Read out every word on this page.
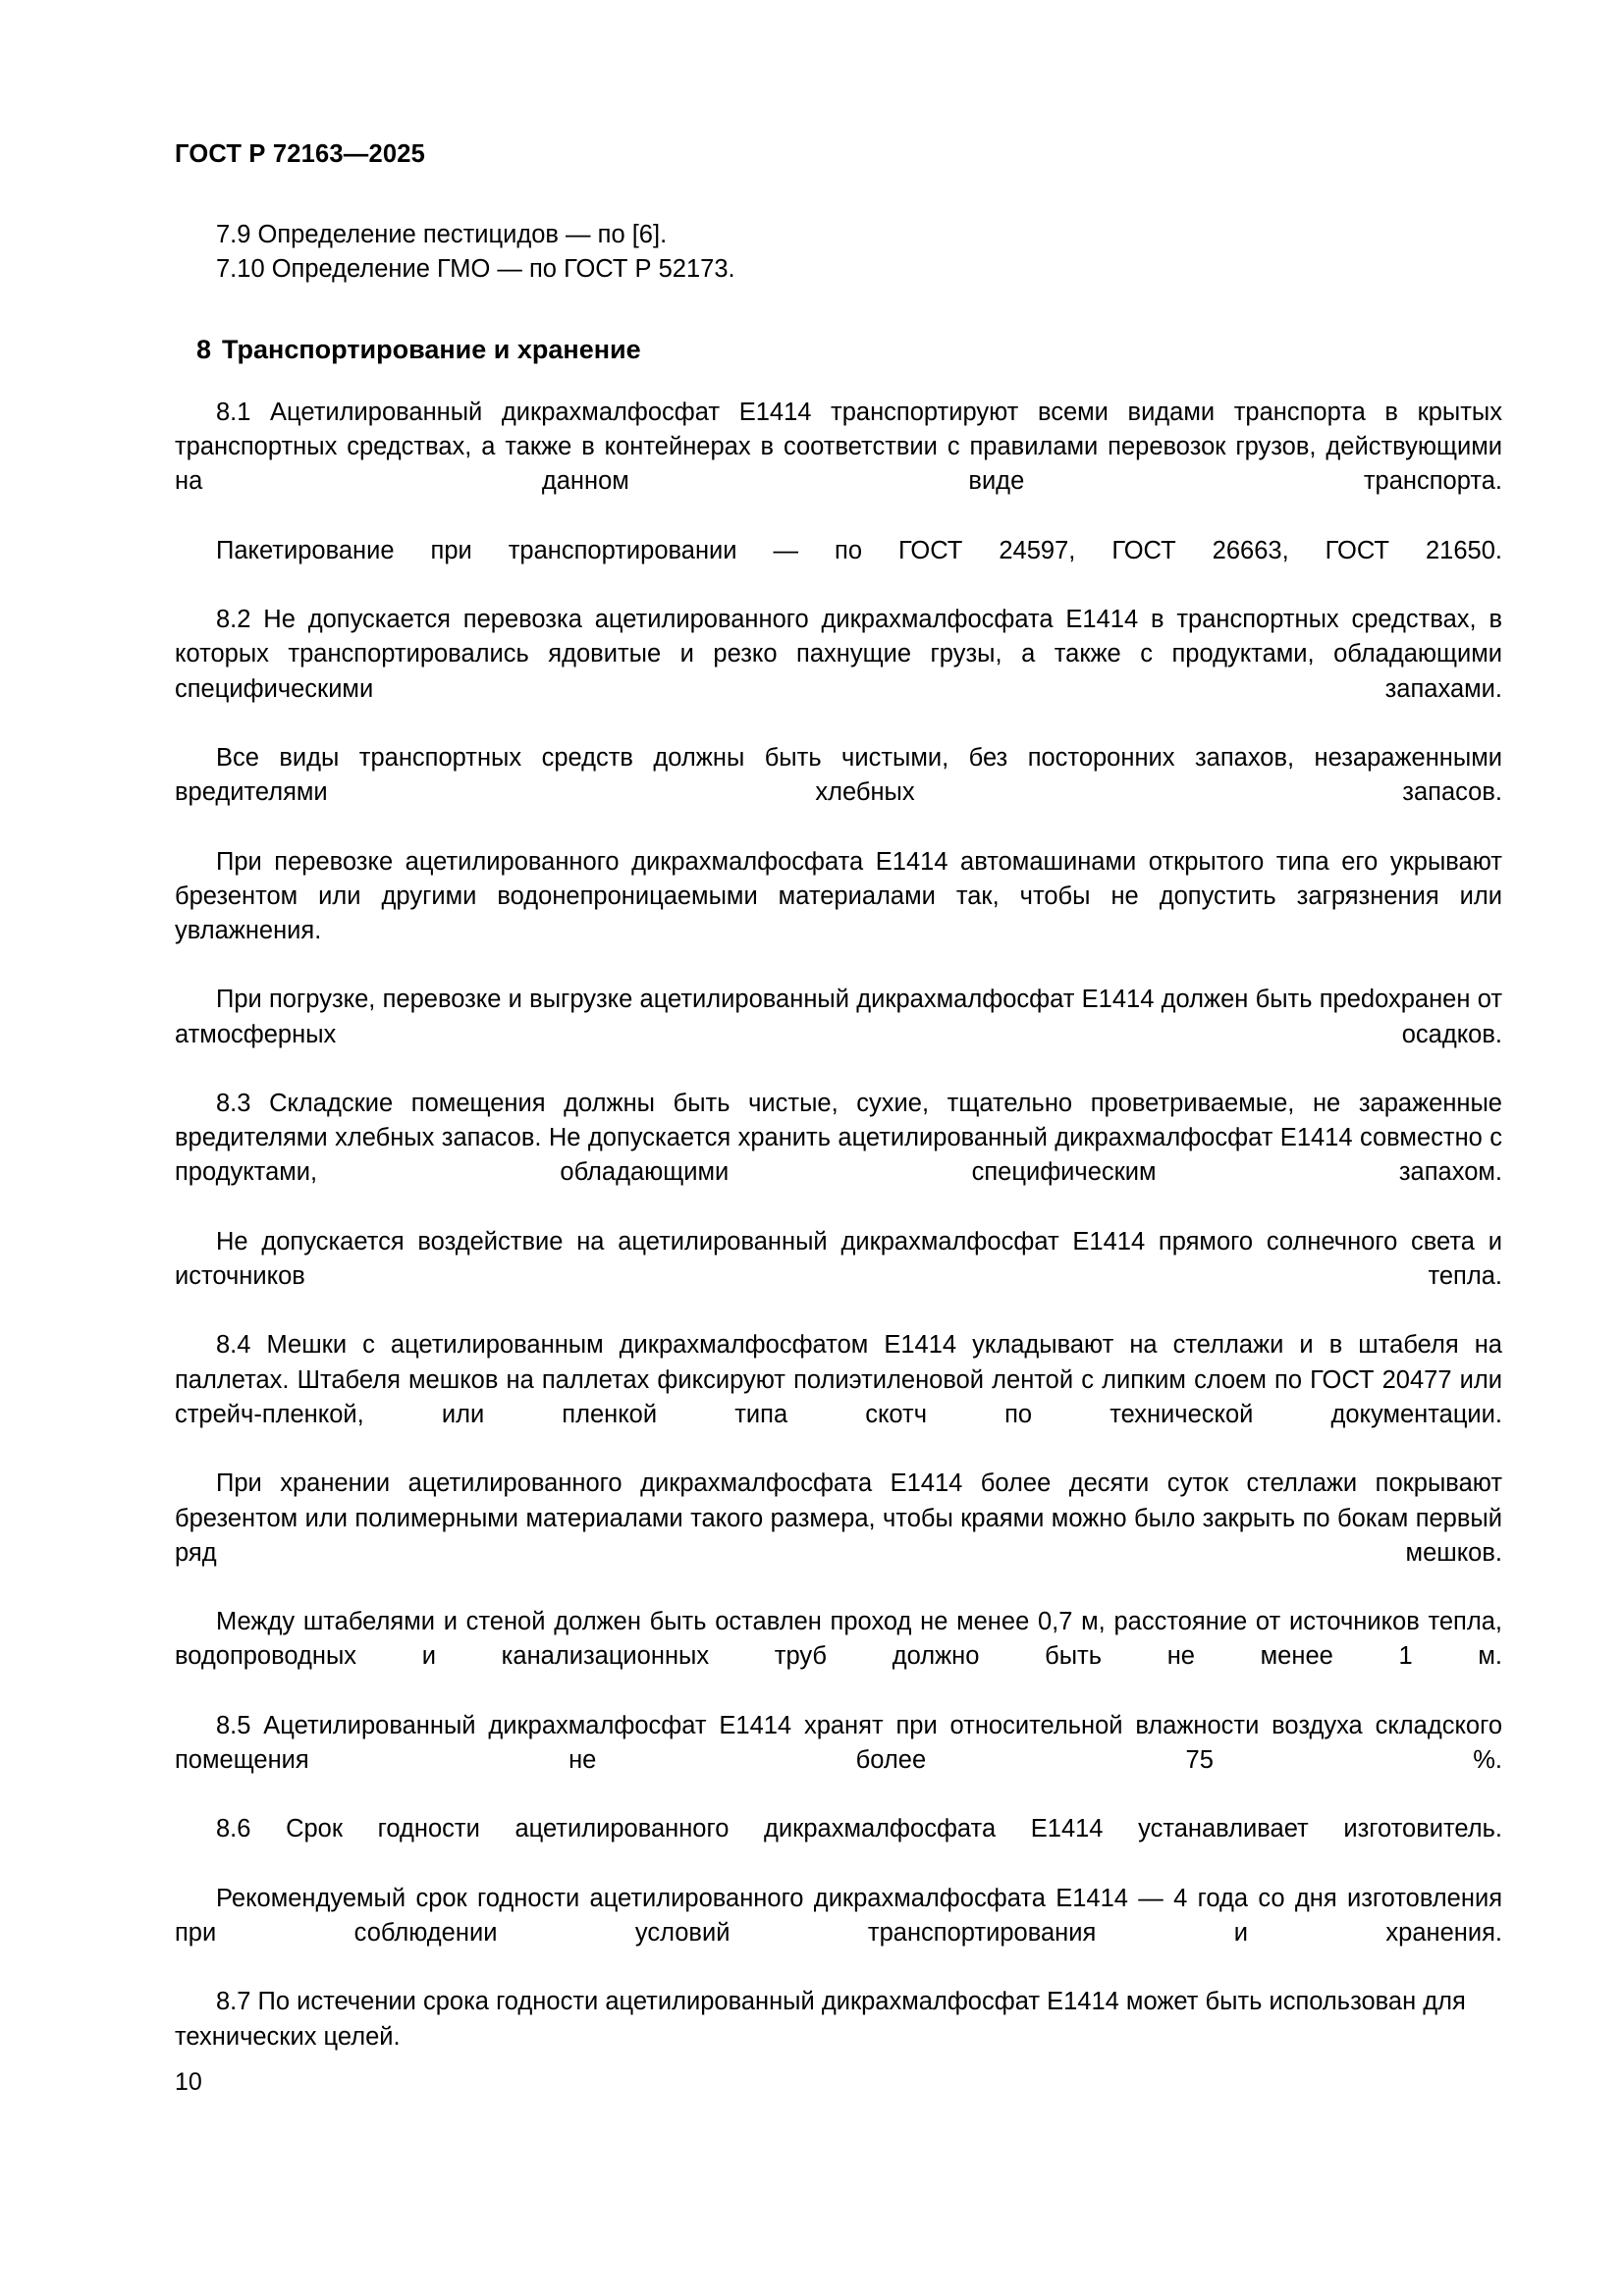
ГОСТ Р 72163—2025
7.9 Определение пестицидов — по [6].
7.10 Определение ГМО — по ГОСТ Р 52173.
8 Транспортирование и хранение

8.1 Ацетилированный дикрахмалфосфат Е1414 транспортируют всеми видами транспорта в крытых транспортных средствах, а также в контейнерах в соответствии с правилами перевозок грузов, действующими на данном виде транспорта.

Пакетирование при транспортировании — по ГОСТ 24597, ГОСТ 26663, ГОСТ 21650.

8.2 Не допускается перевозка ацетилированного дикрахмалфосфата Е1414 в транспортных средствах, в которых транспортировались ядовитые и резко пахнущие грузы, а также с продуктами, обладающими специфическими запахами.

Все виды транспортных средств должны быть чистыми, без посторонних запахов, незараженными вредителями хлебных запасов.

При перевозке ацетилированного дикрахмалфосфата Е1414 автомашинами открытого типа его укрывают брезентом или другими водонепроницаемыми материалами так, чтобы не допустить загрязнения или увлажнения.

При погрузке, перевозке и выгрузке ацетилированный дикрахмалфосфат Е1414 должен быть преdохранен от атмосферных осадков.

8.3 Складские помещения должны быть чистые, сухие, тщательно проветриваемые, не зараженные вредителями хлебных запасов. Не допускается хранить ацетилированный дикрахмалфосфат Е1414 совместно с продуктами, обладающими специфическим запахом.

Не допускается воздействие на ацетилированный дикрахмалфосфат Е1414 прямого солнечного света и источников тепла.

8.4 Мешки с ацетилированным дикрахмалфосфатом Е1414 укладывают на стеллажи и в штабеля на паллетах. Штабеля мешков на паллетах фиксируют полиэтиленовой лентой с липким слоем по ГОСТ 20477 или стрейч-пленкой, или пленкой типа скотч по технической документации.

При хранении ацетилированного дикрахмалфосфата Е1414 более десяти суток стеллажи покрывают брезентом или полимерными материалами такого размера, чтобы краями можно было закрыть по бокам первый ряд мешков.

Между штабелями и стеной должен быть оставлен проход не менее 0,7 м, расстояние от источников тепла, водопроводных и канализационных труб должно быть не менее 1 м.

8.5 Ацетилированный дикрахмалфосфат Е1414 хранят при относительной влажности воздуха складского помещения не более 75 %.

8.6 Срок годности ацетилированного дикрахмалфосфата Е1414 устанавливает изготовитель.

Рекомендуемый срок годности ацетилированного дикрахмалфосфата Е1414 — 4 года со дня изготовления при соблюдении условий транспортирования и хранения.

8.7 По истечении срока годности ацетилированный дикрахмалфосфат Е1414 может быть использован для технических целей.

10
